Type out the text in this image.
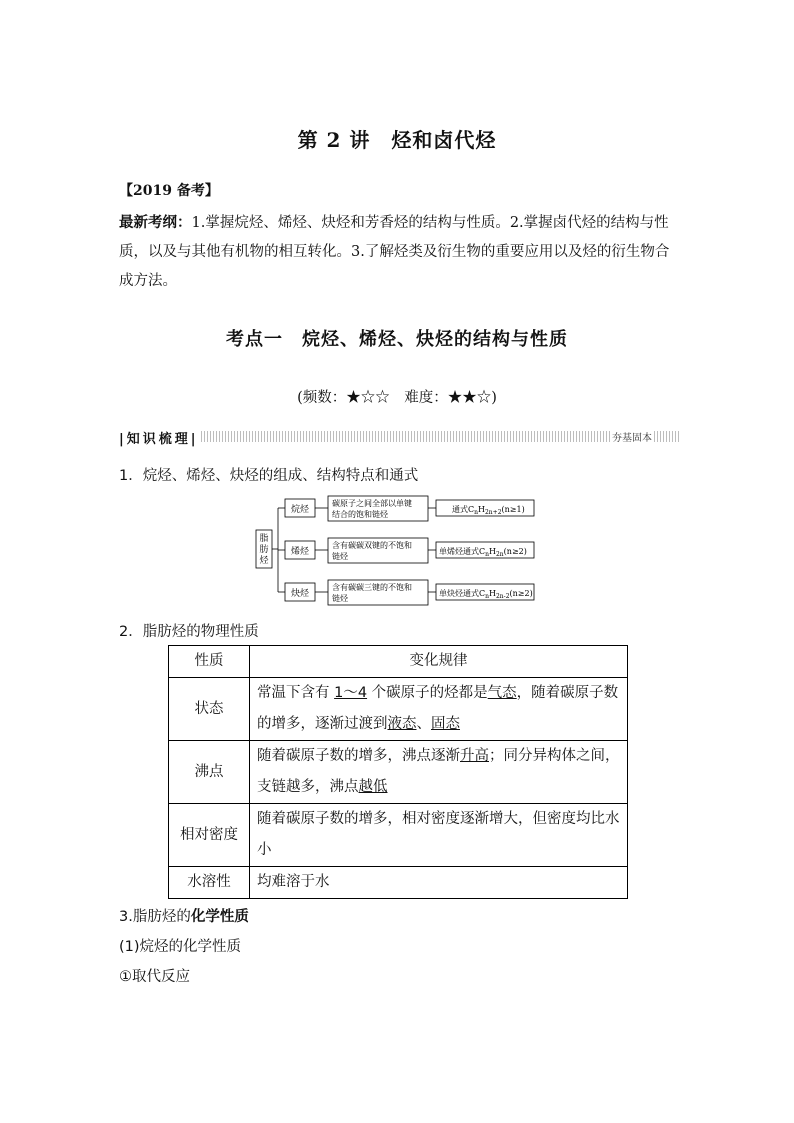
第 2 讲　烃和卤代烃
【2019 备考】
最新考纲：1.掌握烷烃、烯烃、炔烃和芳香烃的结构与性质。2.掌握卤代烃的结构与性质，以及与其他有机物的相互转化。3.了解烃类及衍生物的重要应用以及烃的衍生物合成方法。
考点一　烷烃、烯烃、炔烃的结构与性质
(频数：★☆☆　难度：★★☆)
|知识梳理|	夯基固本
1．烷烃、烯烃、炔烃的组成、结构特点和通式
脂
肪
烃
烷烃
碳原子之间全部以单键
结合的饱和链烃
通式$C_nH_{2n+2}(n\ge 1)$
烯烃
含有碳碳双键的不饱和
链烃
单烯烃通式$C_nH_{2n}(n\ge 2)$
炔烃
含有碳碳三键的不饱和
链烃
单炔烃通式$C_nH_{2n-2}(n\ge 2)$
2．脂肪烃的物理性质
性质	变化规律
状态	常温下含有 1～4 个碳原子的烃都是气态，随着碳原子数的增多，逐渐过渡到液态、固态
沸点	随着碳原子数的增多，沸点逐渐升高；同分异构体之间，支链越多，沸点越低
相对密度	随着碳原子数的增多，相对密度逐渐增大，但密度均比水小
水溶性	均难溶于水
3.脂肪烃的化学性质
(1)烷烃的化学性质
①取代反应
